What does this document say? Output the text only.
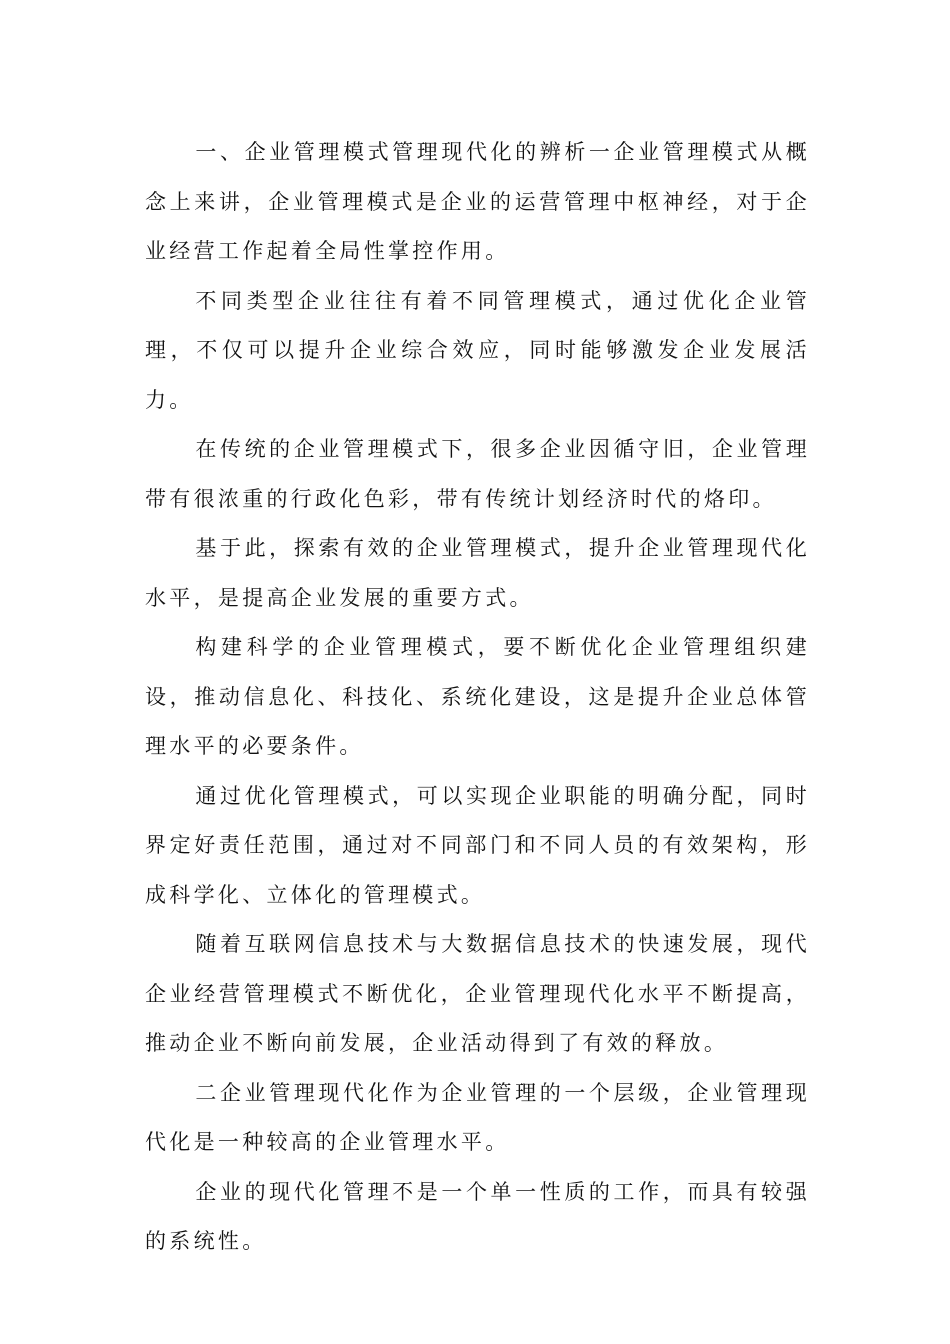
一、企业管理模式管理现代化的辨析一企业管理模式从概念上来讲，企业管理模式是企业的运营管理中枢神经，对于企业经营工作起着全局性掌控作用。

不同类型企业往往有着不同管理模式，通过优化企业管理，不仅可以提升企业综合效应，同时能够激发企业发展活力。

在传统的企业管理模式下，很多企业因循守旧，企业管理带有很浓重的行政化色彩，带有传统计划经济时代的烙印。

基于此，探索有效的企业管理模式，提升企业管理现代化水平，是提高企业发展的重要方式。

构建科学的企业管理模式，要不断优化企业管理组织建设，推动信息化、科技化、系统化建设，这是提升企业总体管理水平的必要条件。

通过优化管理模式，可以实现企业职能的明确分配，同时界定好责任范围，通过对不同部门和不同人员的有效架构，形成科学化、立体化的管理模式。

随着互联网信息技术与大数据信息技术的快速发展，现代企业经营管理模式不断优化，企业管理现代化水平不断提高，推动企业不断向前发展，企业活动得到了有效的释放。

二企业管理现代化作为企业管理的一个层级，企业管理现代化是一种较高的企业管理水平。

企业的现代化管理不是一个单一性质的工作，而具有较强的系统性。
